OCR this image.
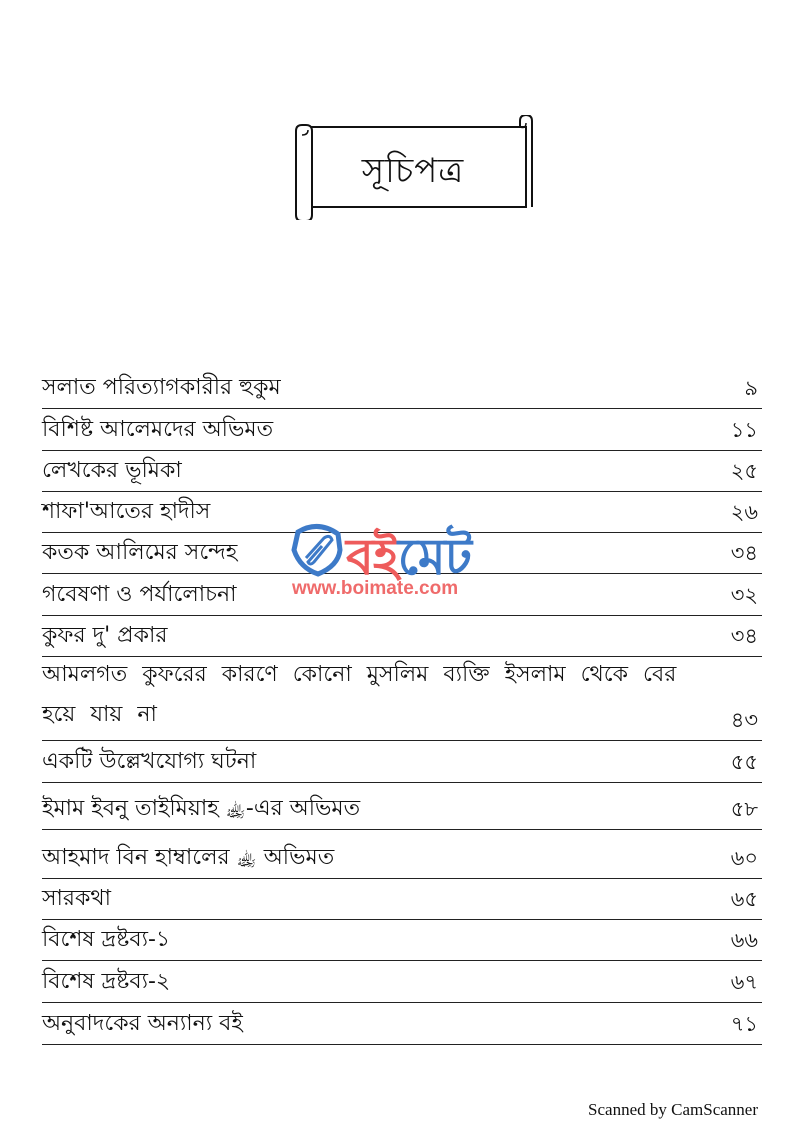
সূচিপত্র
সলাত পরিত্যাগকারীর হুকুম	৯
বিশিষ্ট আলেমদের অভিমত	১১
লেখকের ভূমিকা	২৫
শাফা'আতের হাদীস	২৬
কতক আলিমের সন্দেহ	৩৪
গবেষণা ও পর্যালোচনা	৩২
কুফর দু' প্রকার	৩৪
আমলগত কুফরের কারণে কোনো মুসলিম ব্যক্তি ইসলাম থেকে বের হয়ে যায় না	৪৩
একটি উল্লেখযোগ্য ঘটনা	৫৫
ইমাম ইবনু তাইমিয়াহ ﵀-এর অভিমত	৫৮
আহমাদ বিন হাম্বালের ﵀ অভিমত	৬০
সারকথা	৬৫
বিশেষ দ্রষ্টব্য-১	৬৬
বিশেষ দ্রষ্টব্য-২	৬৭
অনুবাদকের অন্যান্য বই	৭১
বইমেট
www.boimate.com
Scanned by CamScanner
